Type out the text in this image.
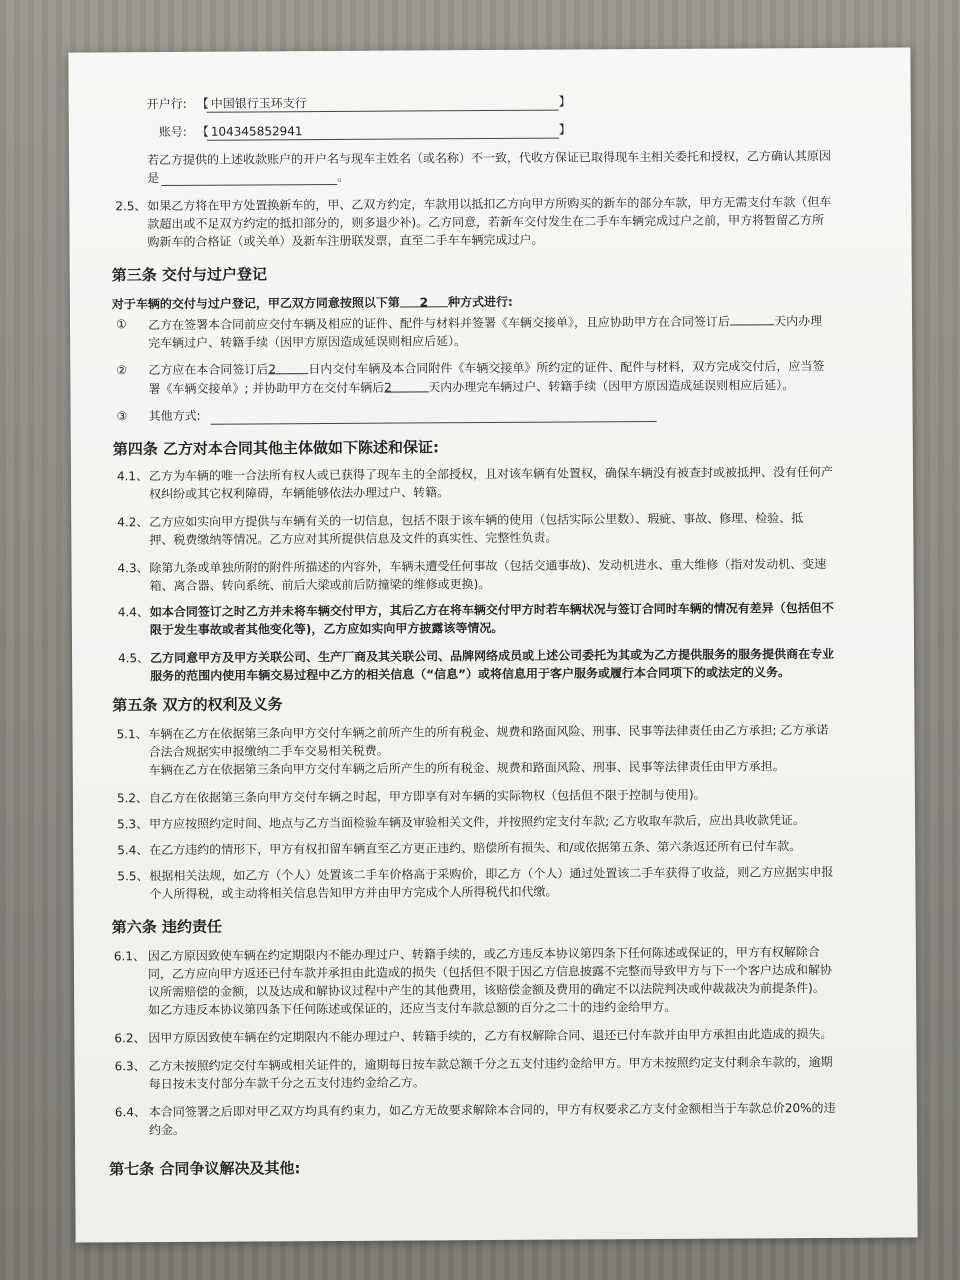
开户行: 【 中国银行玉环支行	】
账号: 【 104345852941	】
若乙方提供的上述收款账户的开户名与现车主姓名（或名称）不一致，代收方保证已取得现车主相关委托和授权，乙方确认其原因
是	。
2.5、 如果乙方将在甲方处置换新车的，甲、乙双方约定，车款用以抵扣乙方向甲方所购买的新车的部分车款，甲方无需支付车款（但车
款超出或不足双方约定的抵扣部分的，则多退少补)。乙方同意，若新车交付发生在二手车车辆完成过户之前，甲方将暂留乙方所
购新车的合格证（或关单）及新车注册联发票，直至二手车车辆完成过户。
第三条 交付与过户登记
对于车辆的交付与过户登记，甲乙双方同意按照以下第 2 种方式进行:
① 乙方在签署本合同前应交付车辆及相应的证件、配件与材料并签署《车辆交接单》，且应协助甲方在合同签订后	天内办理
完车辆过户、转籍手续（因甲方原因造成延误则相应后延）。
② 乙方应在本合同签订后2	日内交付车辆及本合同附件《车辆交接单》所约定的证件、配件与材料，双方完成交付后，应当签
署《车辆交接单》; 并协助甲方在交付车辆后2	天内办理完车辆过户、转籍手续（因甲方原因造成延误则相应后延）。
③ 其他方式:
第四条 乙方对本合同其他主体做如下陈述和保证:
4.1、 乙方为车辆的唯一合法所有权人或已获得了现车主的全部授权，且对该车辆有处置权，确保车辆没有被查封或被抵押、没有任何产
权纠纷或其它权利障碍，车辆能够依法办理过户、转籍。
4.2、 乙方应如实向甲方提供与车辆有关的一切信息，包括不限于该车辆的使用（包括实际公里数）、瑕疵、事故、修理、检验、抵
押、税费缴纳等情况。乙方应对其所提供信息及文件的真实性、完整性负责。
4.3、 除第九条或单独所附的附件所描述的内容外，车辆未遭受任何事故（包括交通事故)、发动机进水、重大维修（指对发动机、变速
箱、离合器、转向系统、前后大梁或前后防撞梁的维修或更换)。
4.4、 如本合同签订之时乙方并未将车辆交付甲方，其后乙方在将车辆交付甲方时若车辆状况与签订合同时车辆的情况有差异（包括但不
限于发生事故或者其他变化等)，乙方应如实向甲方披露该等情况。
4.5、 乙方同意甲方及甲方关联公司、生产厂商及其关联公司、品牌网络成员或上述公司委托为其或为乙方提供服务的服务提供商在专业
服务的范围内使用车辆交易过程中乙方的相关信息（“信息”）或将信息用于客户服务或履行本合同项下的或法定的义务。
第五条 双方的权利及义务
5.1、 车辆在乙方在依据第三条向甲方交付车辆之前所产生的所有税金、规费和路面风险、刑事、民事等法律责任由乙方承担; 乙方承诺
合法合规据实申报缴纳二手车交易相关税费。
车辆在乙方在依据第三条向甲方交付车辆之后所产生的所有税金、规费和路面风险、刑事、民事等法律责任由甲方承担。
5.2、 自乙方在依据第三条向甲方交付车辆之时起，甲方即享有对车辆的实际物权（包括但不限于控制与使用)。
5.3、 甲方应按照约定时间、地点与乙方当面检验车辆及审验相关文件，并按照约定支付车款; 乙方收取车款后，应出具收款凭证。
5.4、 在乙方违约的情形下，甲方有权扣留车辆直至乙方更正违约、赔偿所有损失、和/或依据第五条、第六条返还所有已付车款。
5.5、 根据相关法规，如乙方（个人）处置该二手车价格高于采购价，即乙方（个人）通过处置该二手车获得了收益，则乙方应据实申报
个人所得税，或主动将相关信息告知甲方并由甲方完成个人所得税代扣代缴。
第六条 违约责任
6.1、 因乙方原因致使车辆在约定期限内不能办理过户、转籍手续的，或乙方违反本协议第四条下任何陈述或保证的，甲方有权解除合
同，乙方应向甲方返还已付车款并承担由此造成的损失（包括但不限于因乙方信息披露不完整而导致甲方与下一个客户达成和解协
议所需赔偿的金额，以及达成和解协议过程中产生的其他费用，该赔偿金额及费用的确定不以法院判决或仲裁裁决为前提条件)。
如乙方违反本协议第四条下任何陈述或保证的，还应当支付车款总额的百分之二十的违约金给甲方。
6.2、 因甲方原因致使车辆在约定期限内不能办理过户、转籍手续的，乙方有权解除合同、退还已付车款并由甲方承担由此造成的损失。
6.3、 乙方未按照约定交付车辆或相关证件的，逾期每日按车款总额千分之五支付违约金给甲方。甲方未按照约定支付剩余车款的，逾期
每日按未支付部分车款千分之五支付违约金给乙方。
6.4、 本合同签署之后即对甲乙双方均具有约束力，如乙方无故要求解除本合同的，甲方有权要求乙方支付金额相当于车款总价20%的违
约金。
第七条 合同争议解决及其他:
